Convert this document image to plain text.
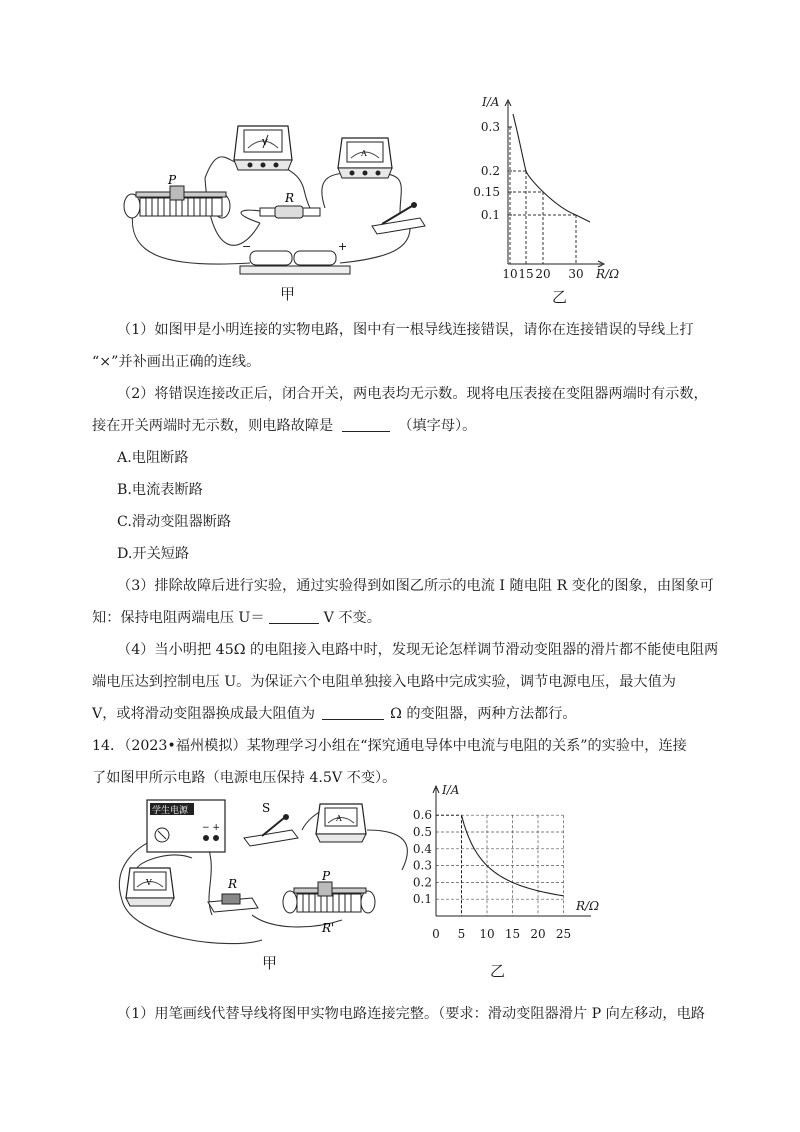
V
A
R
P
−	+
甲
I/A
R/Ω
0.3
0.2
0.15
0.1
10 15 20 30
乙
（1）如图甲是小明连接的实物电路，图中有一根导线连接错误，请你在连接错误的导线上打
“×”并补画出正确的连线。
（2）将错误连接改正后，闭合开关，两电表均无示数。现将电压表接在变阻器两端时有示数，
接在开关两端时无示数，则电路故障是	（填字母）。
A.电阻断路
B.电流表断路
C.滑动变阻器断路
D.开关短路
（3）排除故障后进行实验，通过实验得到如图乙所示的电流 I 随电阻 R 变化的图象，由图象可
知：保持电阻两端电压 U＝	V 不变。
（4）当小明把 45Ω 的电阻接入电路中时，发现无论怎样调节滑动变阻器的滑片都不能使电阻两
端电压达到控制电压 U。为保证六个电阻单独接入电路中完成实验，调节电源电压，最大值为
V，或将滑动变阻器换成最大阻值为	Ω 的变阻器，两种方法都行。
14．（2023•福州模拟）某物理学习小组在“探究通电导体中电流与电阻的关系”的实验中，连接
了如图甲所示电路（电源电压保持 4.5V 不变）。
学生电源
− +
S
A
V	R
P
R'
甲
I/A
R/Ω
0.6
0.5
0.4
0.3
0.2
0.1
0 5 10 15 20 25
乙
（1）用笔画线代替导线将图甲实物电路连接完整。（要求：滑动变阻器滑片 P 向左移动，电路
